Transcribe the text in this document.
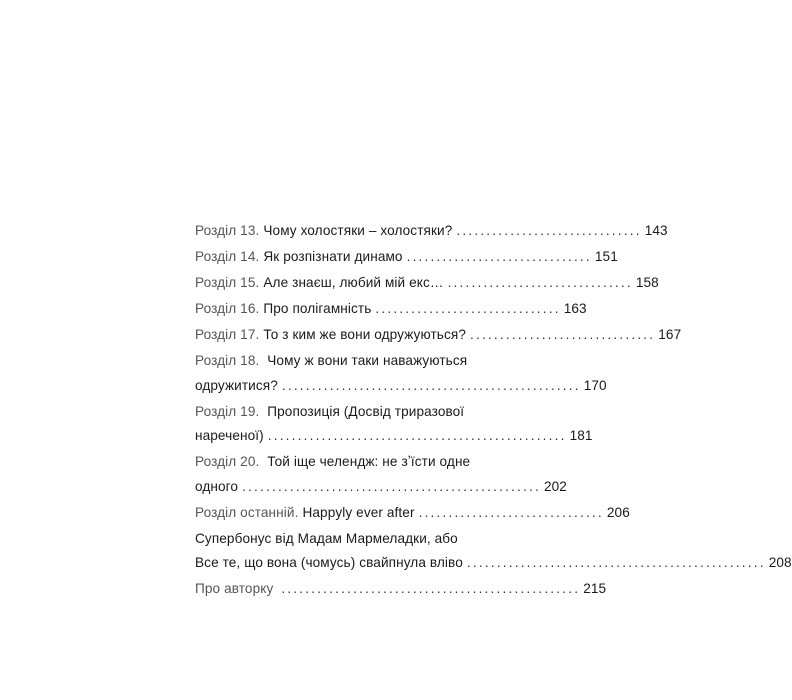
Розділ 13. Чому холостяки – холостяки? ............................... 143
Розділ 14. Як розпізнати динамо ............................... 151
Розділ 15. Але знаєш, любий мій екс… ............................... 158
Розділ 16. Про полігамність ............................... 163
Розділ 17. То з ким же вони одружуються? ............................... 167
Розділ 18. Чому ж вони таки наважуються
одружитися? .................................................. 170
Розділ 19. Пропозиція (Досвід триразової
нареченої) .................................................. 181
Розділ 20. Той іще челендж: не зʼїсти одне
одного .................................................. 202
Розділ останній. Happyly ever after ............................... 206
Супербонус від Мадам Мармеладки, або
Все те, що вона (чомусь) свайпнула вліво .................................................. 208
Про авторку .................................................. 215
